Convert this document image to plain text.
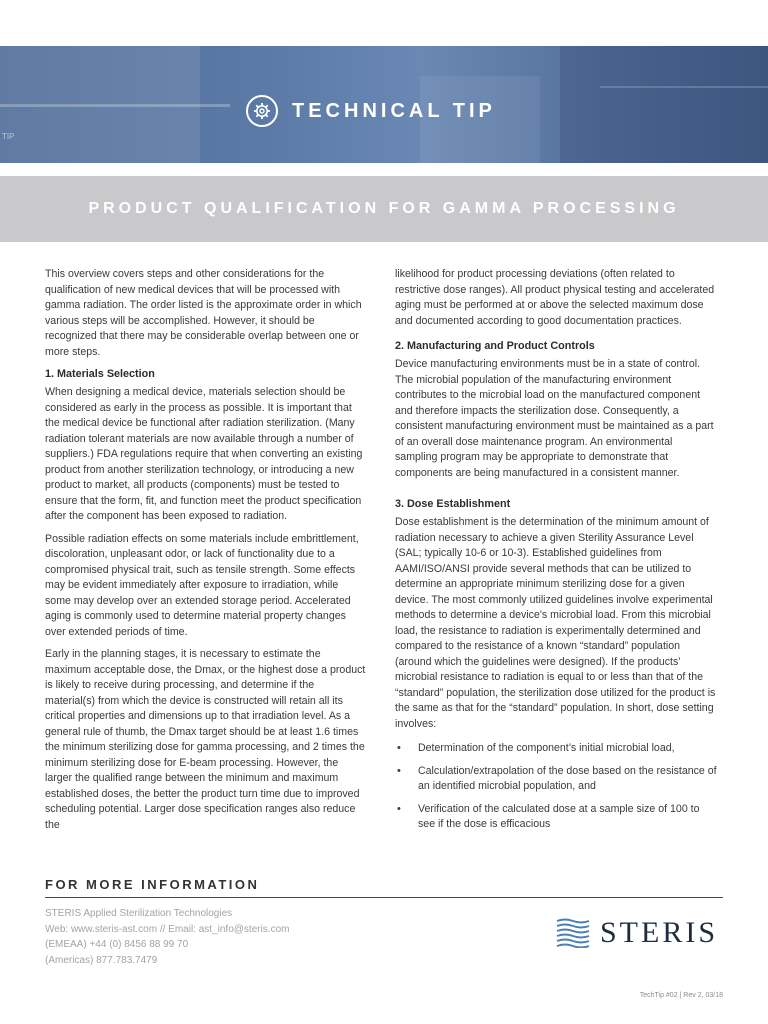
TIP
TECHNICAL TIP
PRODUCT QUALIFICATION FOR GAMMA PROCESSING

This overview covers steps and other considerations for the qualification of new medical devices that will be processed with gamma radiation. The order listed is the approximate order in which various steps will be accomplished. However, it should be recognized that there may be considerable overlap between one or more steps.

1. Materials Selection

When designing a medical device, materials selection should be considered as early in the process as possible. It is important that the medical device be functional after radiation sterilization. (Many radiation tolerant materials are now available through a number of suppliers.) FDA regulations require that when converting an existing product from another sterilization technology, or introducing a new product to market, all products (components) must be tested to ensure that the form, fit, and function meet the product specification after the component has been exposed to radiation.

Possible radiation effects on some materials include embrittlement, discoloration, unpleasant odor, or lack of functionality due to a compromised physical trait, such as tensile strength. Some effects may be evident immediately after exposure to irradiation, while some may develop over an extended storage period. Accelerated aging is commonly used to determine material property changes over extended periods of time.

Early in the planning stages, it is necessary to estimate the maximum acceptable dose, the Dmax, or the highest dose a product is likely to receive during processing, and determine if the material(s) from which the device is constructed will retain all its critical properties and dimensions up to that irradiation level. As a general rule of thumb, the Dmax target should be at least 1.6 times the minimum sterilizing dose for gamma processing, and 2 times the minimum sterilizing dose for E-beam processing. However, the larger the qualified range between the minimum and maximum established doses, the better the product turn time due to improved scheduling potential. Larger dose specification ranges also reduce the

likelihood for product processing deviations (often related to restrictive dose ranges). All product physical testing and accelerated aging must be performed at or above the selected maximum dose and documented according to good documentation practices.

2. Manufacturing and Product Controls

Device manufacturing environments must be in a state of control. The microbial population of the manufacturing environment contributes to the microbial load on the manufactured component and therefore impacts the sterilization dose. Consequently, a consistent manufacturing environment must be maintained as a part of an overall dose maintenance program. An environmental sampling program may be appropriate to demonstrate that components are being manufactured in a consistent manner.

3. Dose Establishment

Dose establishment is the determination of the minimum amount of radiation necessary to achieve a given Sterility Assurance Level (SAL; typically 10-6 or 10-3). Established guidelines from AAMI/ISO/ANSI provide several methods that can be utilized to determine an appropriate minimum sterilizing dose for a given device. The most commonly utilized guidelines involve experimental methods to determine a device's microbial load. From this microbial load, the resistance to radiation is experimentally determined and compared to the resistance of a known “standard” population (around which the guidelines were designed). If the products’ microbial resistance to radiation is equal to or less than that of the “standard” population, the sterilization dose utilized for the product is the same as that for the “standard” population. In short, dose setting involves:

• Determination of the component’s initial microbial load,
• Calculation/extrapolation of the dose based on the resistance of an identified microbial population, and
• Verification of the calculated dose at a sample size of 100 to see if the dose is efficacious
FOR MORE INFORMATION
STERIS Applied Sterilization Technologies
Web: www.steris-ast.com // Email: ast_info@steris.com
(EMEAA) +44 (0) 8456 88 99 70
(Americas) 877.783.7479
STERIS
TechTip #02 | Rev 2, 03/18
